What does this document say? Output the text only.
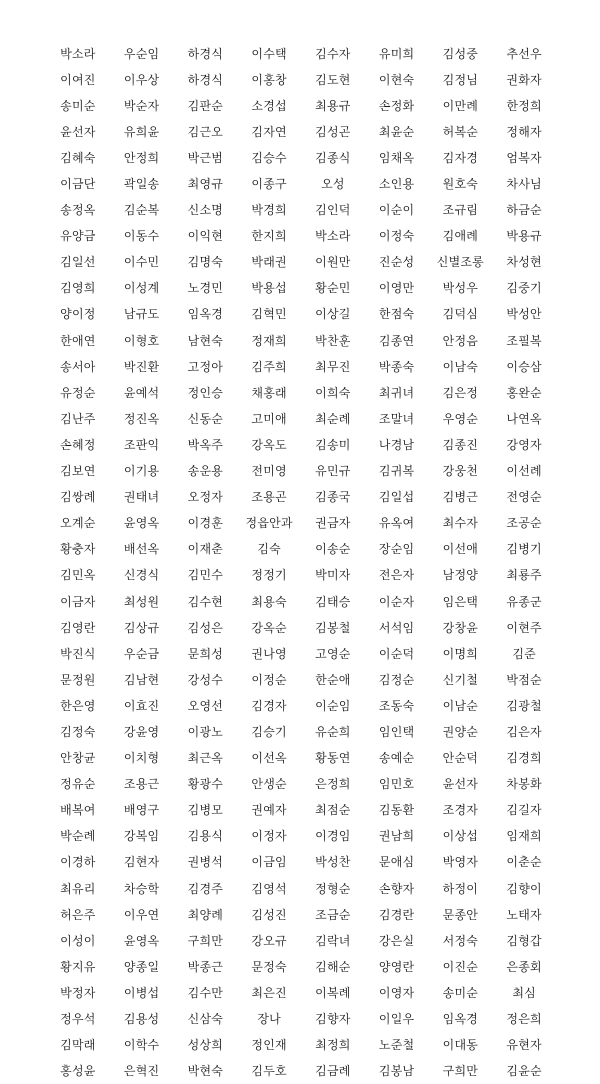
박소라	우순임	하경식	이수택	김수자	유미희	김성중	추선우
이여진	이우상	하경식	이홍창	김도현	이현숙	김정님	권화자
송미순	박순자	김판순	소경섭	최용규	손정화	이만례	한정희
윤선자	유희윤	김근오	김자연	김성곤	최윤순	허복순	정해자
김혜숙	안정희	박근범	김승수	김종식	임채옥	김자경	엄복자
이금단	곽일송	최영규	이종구	오성	소인용	원호숙	차사님
송정옥	김순복	신소명	박경희	김인덕	이순이	조규림	하금순
유양금	이동수	이익현	한지희	박소라	이정숙	김애례	박용규
김일선	이수민	김명숙	박래권	이원만	진순성	신별조롱	차성현
김영희	이성계	노경민	박용섭	황순민	이영만	박성우	김중기
양이정	남규도	임옥경	김혁민	이상길	한점숙	김덕심	박성안
한애연	이형호	남현숙	정재희	박찬훈	김종연	안정음	조필복
송서아	박진환	고정아	김주희	최무진	박종숙	이남숙	이승삼
유정순	윤예석	정인승	채홍래	이희숙	최귀녀	김은정	홍완순
김난주	정진옥	신동순	고미애	최순례	조말녀	우영순	나연옥
손혜정	조판익	박옥주	강옥도	김송미	나경남	김종진	강영자
김보연	이기용	송운용	전미영	유민규	김귀복	강웅천	이선례
김쌍례	권태녀	오정자	조용곤	김종국	김일섭	김병근	전영순
오계순	윤영옥	이경훈	정읍안과	권금자	유옥여	최수자	조공순
황충자	배선옥	이재춘	김숙	이송순	장순임	이선애	김병기
김민옥	신경식	김민수	정정기	박미자	전은자	남정양	최룡주
이금자	최성원	김수현	최용숙	김태승	이순자	임은택	유종군
김영란	김상규	김성은	강옥순	김봉철	서석임	강창윤	이현주
박진식	우순금	문희성	권나영	고영순	이순덕	이명희	김준
문정원	김남현	강성수	이정순	한순애	김정순	신기철	박점순
한은영	이효진	오영선	김경자	이순임	조동숙	이남순	김광철
김정숙	강윤영	이광노	김승기	유순희	임인택	권양순	김은자
안창균	이치형	최근옥	이선옥	황동연	송예순	안순덕	김경희
정유순	조용근	황광수	안생순	은정희	임민호	윤선자	차봉화
배복여	배영구	김병모	권예자	최점순	김동환	조경자	김길자
박순례	강복임	김용식	이정자	이경임	권남희	이상섭	임재희
이경하	김현자	권병석	이금임	박성찬	문애심	박영자	이춘순
최유리	차승학	김경주	김영석	정형순	손향자	하정이	김향이
허은주	이우연	최양례	김성진	조금순	김경란	문종안	노태자
이성이	윤영옥	구희만	강오규	김락녀	강은실	서정숙	김형갑
황지유	양종일	박종근	문정숙	김해순	양영란	이진순	은종회
박정자	이병섭	김수만	최은진	이복례	이영자	송미순	최심
정우석	김용성	신삼숙	장나	김향자	이일우	임옥경	정은희
김막래	이학수	성상희	정인재	최정희	노준철	이대동	유현자
홍성윤	은혁진	박현숙	김두호	김금례	김봉남	구희만	김윤순
